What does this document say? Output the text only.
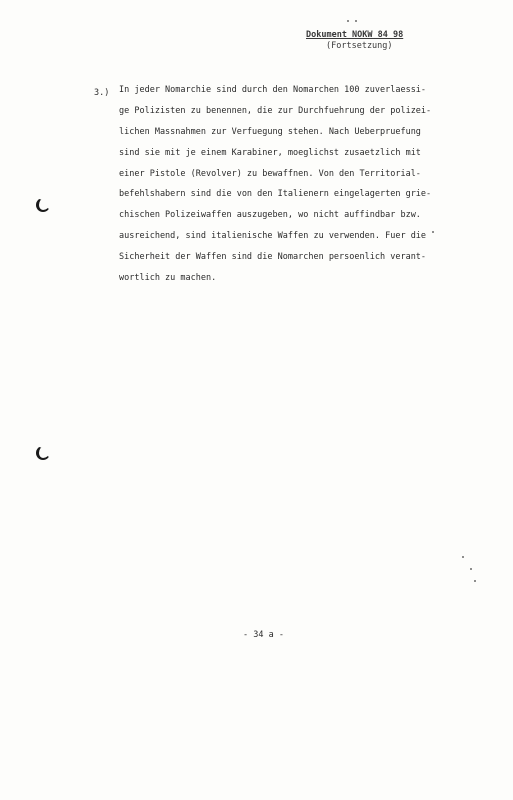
Dokument NOKW 84 98
(Fortsetzung)
3.) In jeder Nomarchie sind durch den Nomarchen 100 zuverlaessi-
ge Polizisten zu benennen, die zur Durchfuehrung der polizei-
lichen Massnahmen zur Verfuegung stehen. Nach Ueberpruefung
sind sie mit je einem Karabiner, moeglichst zusaetzlich mit
einer Pistole (Revolver) zu bewaffnen. Von den Territorial-
befehlshabern sind die von den Italienern eingelagerten grie-
chischen Polizeiwaffen auszugeben, wo nicht auffindbar bzw.
ausreichend, sind italienische Waffen zu verwenden. Fuer die
Sicherheit der Waffen sind die Nomarchen persoenlich verant-
wortlich zu machen.
- 34 a -
